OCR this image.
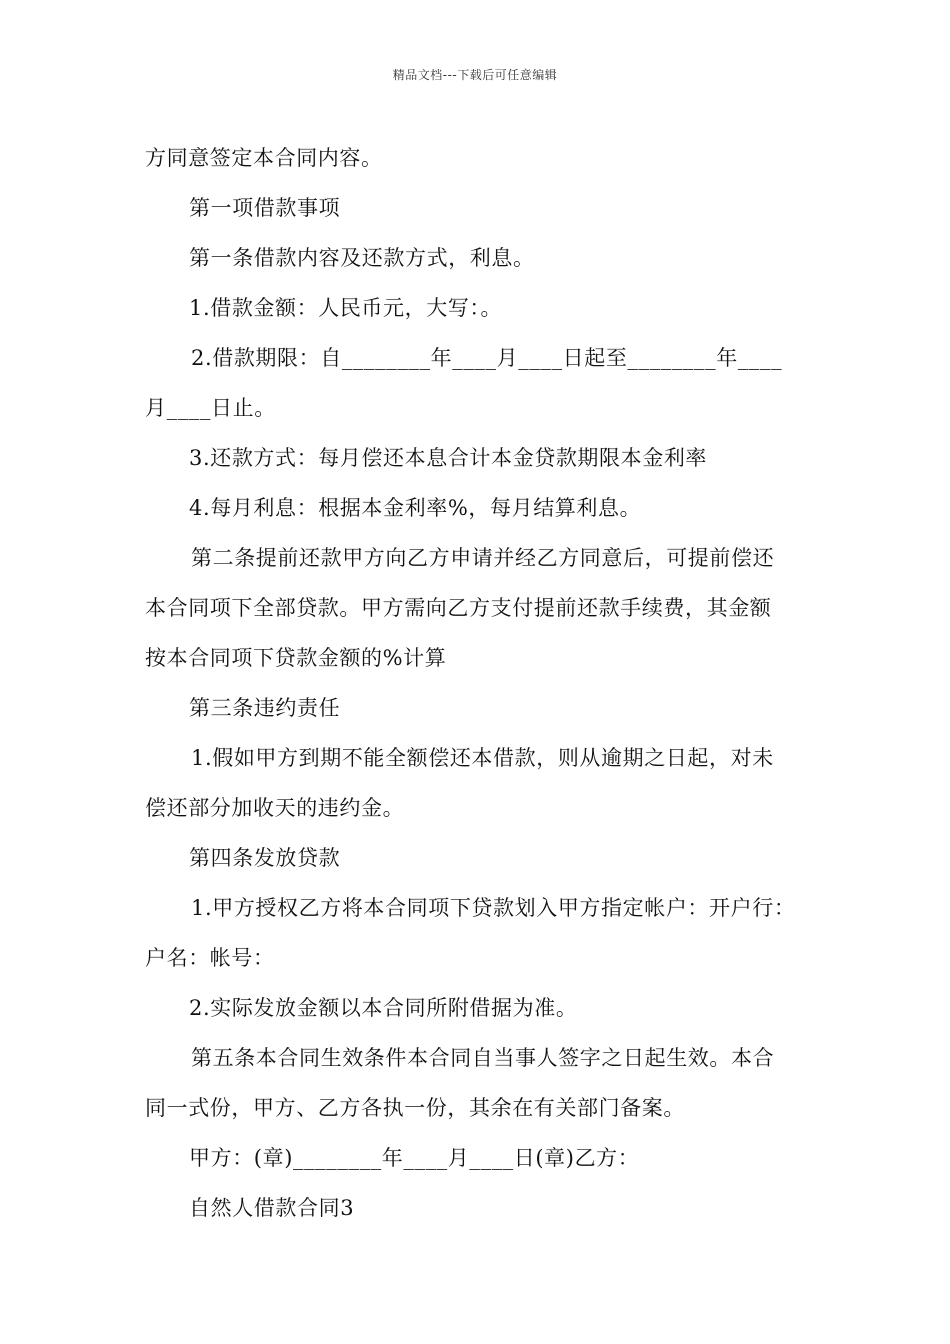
精品文档---下载后可任意编辑
方同意签定本合同内容。
第一项借款事项
第一条借款内容及还款方式，利息。
1.借款金额：人民币元，大写：。
2.借款期限：自________年____月____日起至________年____
月____日止。
3.还款方式：每月偿还本息合计本金贷款期限本金利率
4.每月利息：根据本金利率%，每月结算利息。
第二条提前还款甲方向乙方申请并经乙方同意后，可提前偿还
本合同项下全部贷款。甲方需向乙方支付提前还款手续费，其金额
按本合同项下贷款金额的%计算
第三条违约责任
1.假如甲方到期不能全额偿还本借款，则从逾期之日起，对未
偿还部分加收天的违约金。
第四条发放贷款
1.甲方授权乙方将本合同项下贷款划入甲方指定帐户：开户行：
户名：帐号：
2.实际发放金额以本合同所附借据为准。
第五条本合同生效条件本合同自当事人签字之日起生效。本合
同一式份，甲方、乙方各执一份，其余在有关部门备案。
甲方：(章)________年____月____日(章)乙方：
自然人借款合同3
